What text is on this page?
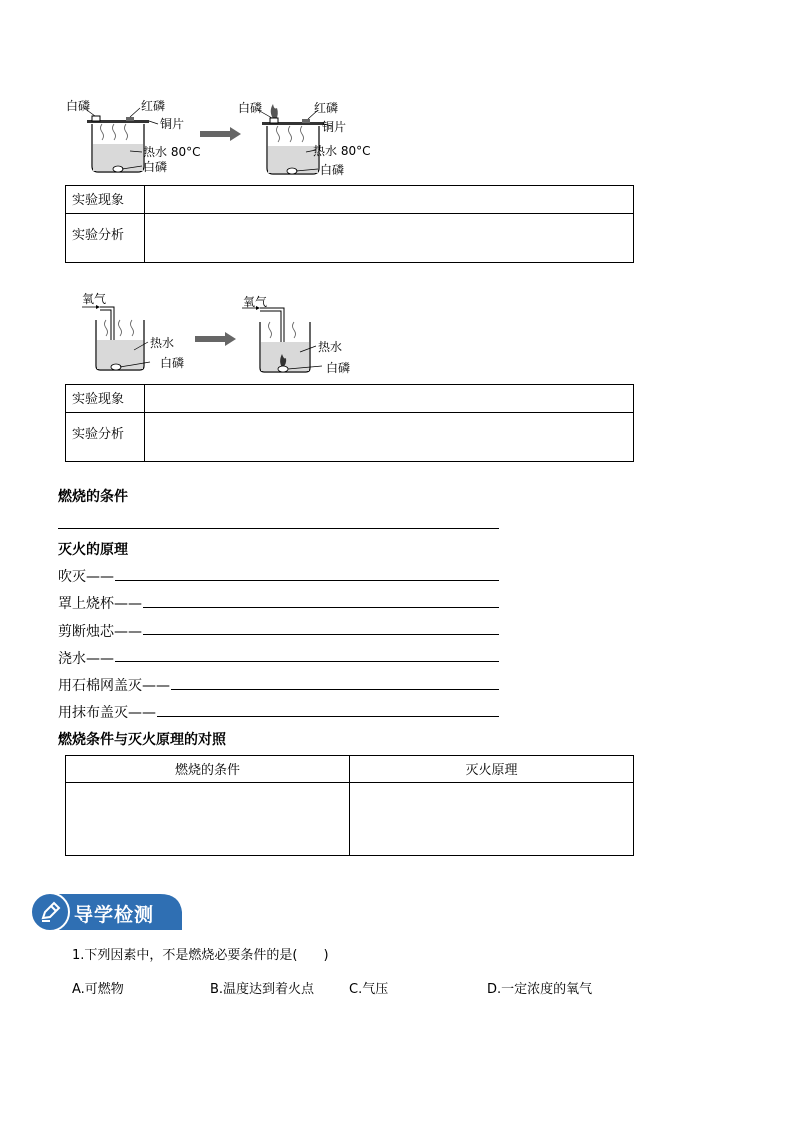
白磷	红磷
铜片
热水 80°C
白磷
白磷	红磷
铜片
热水 80°C
白磷
实验现象	
实验分析	
氧气
热水
白磷
氧气
热水
白磷
实验现象	
实验分析	
燃烧的条件
灭火的原理
吹灭——
罩上烧杯——
剪断烛芯——
浇水——
用石棉网盖灭——
用抹布盖灭——
燃烧条件与灭火原理的对照
燃烧的条件	灭火原理

导学检测
1.下列因素中，不是燃烧必要条件的是(　　)
A.可燃物	B.温度达到着火点	C.气压	D.一定浓度的氧气
